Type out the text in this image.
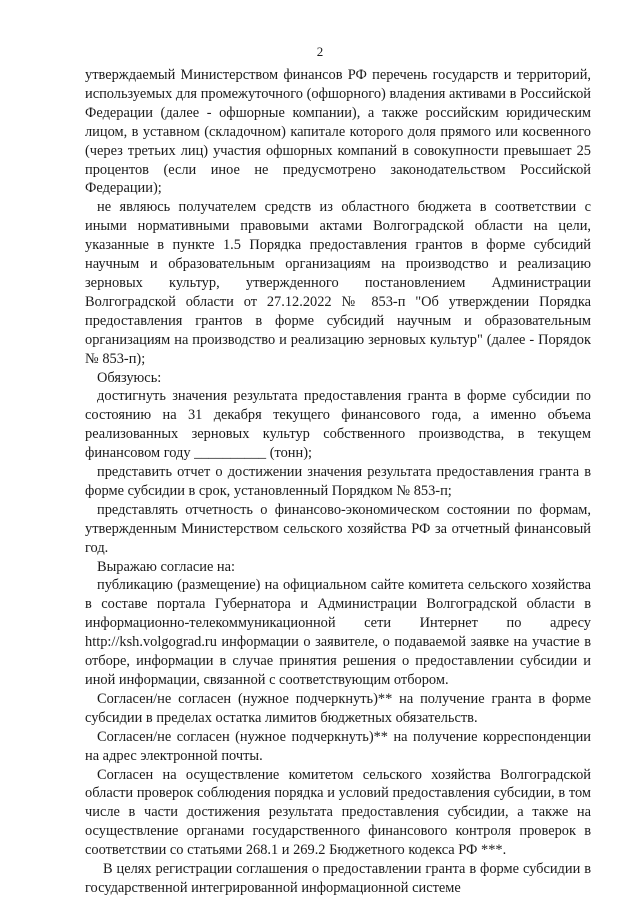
2

утверждаемый Министерством финансов РФ перечень государств и территорий, используемых для промежуточного (офшорного) владения активами в Российской Федерации (далее - офшорные компании), а также российским юридическим лицом, в уставном (складочном) капитале которого доля прямого или косвенного (через третьих лиц) участия офшорных компаний в совокупности превышает 25 процентов (если иное не предусмотрено законодательством Российской Федерации);

не являюсь получателем средств из областного бюджета в соответствии с иными нормативными правовыми актами Волгоградской области на цели, указанные в пункте 1.5 Порядка предоставления грантов в форме субсидий научным и образовательным организациям на производство и реализацию зерновых культур, утвержденного постановлением Администрации Волгоградской области от 27.12.2022 № 853-п "Об утверждении Порядка предоставления грантов в форме субсидий научным и образовательным организациям на производство и реализацию зерновых культур" (далее - Порядок № 853-п);

Обязуюсь:

достигнуть значения результата предоставления гранта в форме субсидии по состоянию на 31 декабря текущего финансового года, а именно объема реализованных зерновых культур собственного производства, в текущем финансовом году __________ (тонн);

представить отчет о достижении значения результата предоставления гранта в форме субсидии в срок, установленный Порядком № 853-п;

представлять отчетность о финансово-экономическом состоянии по формам, утвержденным Министерством сельского хозяйства РФ за отчетный финансовый год.

Выражаю согласие на:

публикацию (размещение) на официальном сайте комитета сельского хозяйства в составе портала Губернатора и Администрации Волгоградской области в информационно-телекоммуникационной сети Интернет по адресу http://ksh.volgograd.ru информации о заявителе, о подаваемой заявке на участие в отборе, информации в случае принятия решения о предоставлении субсидии и иной информации, связанной с соответствующим отбором.

Согласен/не согласен (нужное подчеркнуть)** на получение гранта в форме субсидии в пределах остатка лимитов бюджетных обязательств.

Согласен/не согласен (нужное подчеркнуть)** на получение корреспонденции на адрес электронной почты.

Согласен на осуществление комитетом сельского хозяйства Волгоградской области проверок соблюдения порядка и условий предоставления субсидии, в том числе в части достижения результата предоставления субсидии, а также на осуществление органами государственного финансового контроля проверок в соответствии со статьями 268.1 и 269.2 Бюджетного кодекса РФ ***.

В целях регистрации соглашения о предоставлении гранта в форме субсидии в государственной интегрированной информационной системе
